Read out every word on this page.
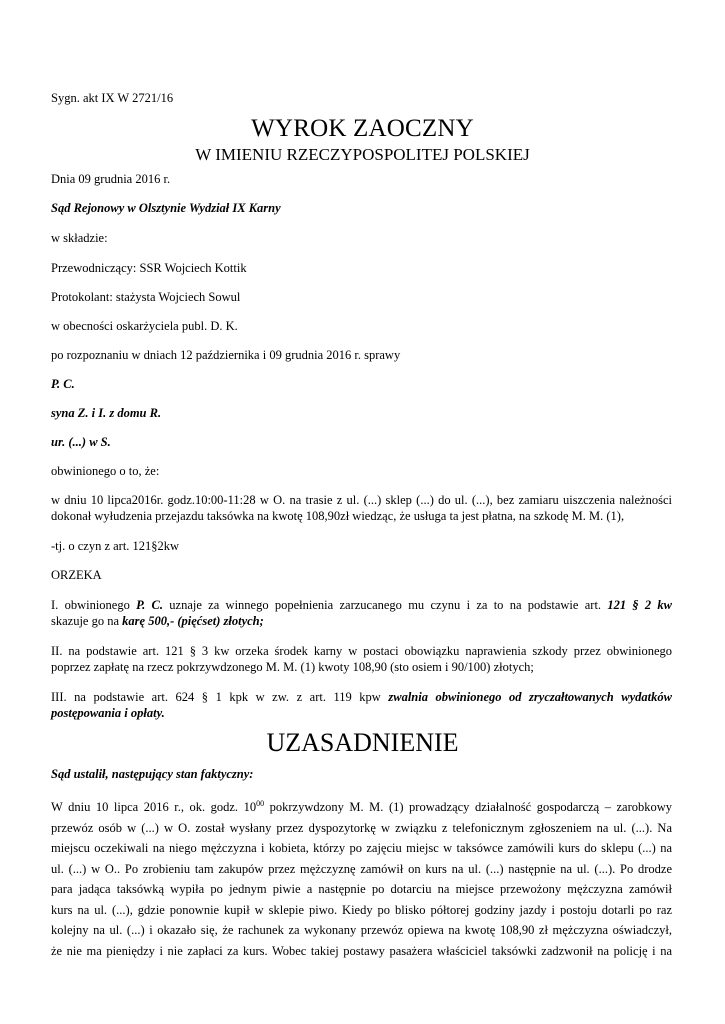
Sygn. akt IX W 2721/16
WYROK ZAOCZNY
W IMIENIU RZECZYPOSPOLITEJ POLSKIEJ
Dnia 09 grudnia 2016 r.
Sąd Rejonowy w Olsztynie Wydział IX Karny
w składzie:
Przewodniczący: SSR Wojciech Kottik
Protokolant: stażysta Wojciech Sowul
w obecności oskarżyciela publ. D. K.
po rozpoznaniu w dniach 12 października i 09 grudnia 2016 r. sprawy
P. C.
syna Z. i I. z domu R.
ur. (...) w S.
obwinionego o to, że:
w dniu 10 lipca2016r. godz.10:00-11:28 w O. na trasie z ul. (...) sklep (...) do ul. (...), bez zamiaru uiszczenia należności
dokonał wyłudzenia przejazdu taksówka na kwotę 108,90zł wiedząc, że usługa ta jest płatna, na szkodę M. M. (1),
-tj. o czyn z art. 121§2kw
ORZEKA
I. obwinionego P. C. uznaje za winnego popełnienia zarzucanego mu czynu i za to na podstawie art. 121 § 2 kw
skazuje go na karę 500,- (pięćset) złotych;
II. na podstawie art. 121 § 3 kw orzeka środek karny w postaci obowiązku naprawienia szkody przez obwinionego
poprzez zapłatę na rzecz pokrzywdzonego M. M. (1) kwoty 108,90 (sto osiem i 90/100) złotych;
III. na podstawie art. 624 § 1 kpk w zw. z art. 119 kpw zwalnia obwinionego od zryczałtowanych wydatków
postępowania i opłaty.
UZASADNIENIE
Sąd ustalił, następujący stan faktyczny:
W dniu 10 lipca 2016 r., ok. godz. $10^{00}$ pokrzywdzony M. M. (1) prowadzący działalność gospodarczą – zarobkowy
przewóz osób w (...) w O. został wysłany przez dyspozytorkę w związku z telefonicznym zgłoszeniem na ul. (...). Na
miejscu oczekiwali na niego mężczyzna i kobieta, którzy po zajęciu miejsc w taksówce zamówili kurs do sklepu (...) na
ul. (...) w O.. Po zrobieniu tam zakupów przez mężczyznę zamówił on kurs na ul. (...) następnie na ul. (...). Po drodze
para jadąca taksówką wypiła po jednym piwie a następnie po dotarciu na miejsce przewożony mężczyzna zamówił
kurs na ul. (...), gdzie ponownie kupił w sklepie piwo. Kiedy po blisko półtorej godziny jazdy i postoju dotarli po raz
kolejny na ul. (...) i okazało się, że rachunek za wykonany przewóz opiewa na kwotę 108,90 zł mężczyzna oświadczył,
że nie ma pieniędzy i nie zapłaci za kurs. Wobec takiej postawy pasażera właściciel taksówki zadzwonił na policję i na
